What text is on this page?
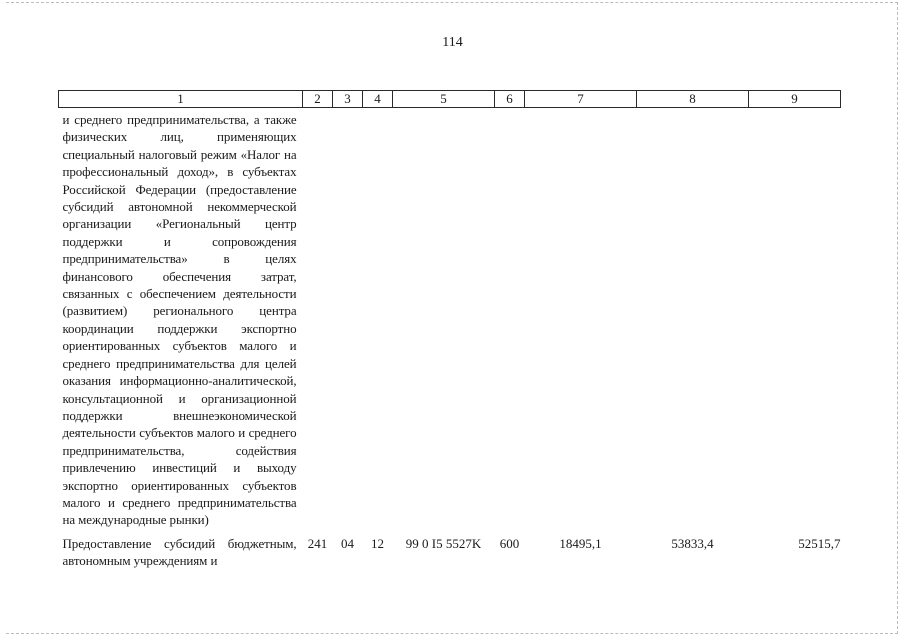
114
1	2	3	4	5	6	7	8	9

и среднего предпринимательства, а также физических лиц, применяющих специальный налоговый режим «Налог на профессиональный доход», в субъектах Российской Федерации (предоставление субсидий автономной некоммерческой организации «Региональный центр поддержки и сопровождения предпринимательства» в целях финансового обеспечения затрат, связанных с обеспечением деятельности (развитием) регионального центра координации поддержки экспортно ориентированных субъектов малого и среднего предпринимательства для целей оказания информационно-аналитической, консультационной и организационной поддержки внешнеэкономической деятельности субъектов малого и среднего предпринимательства, содействия привлечению инвестиций и выходу экспортно ориентированных субъектов малого и среднего предпринимательства на международные рынки)								

Предоставление субсидий бюджетным, автономным учреждениям и	241	04	12	99 0 I5 5527K	600	18495,1	53833,4	52515,7
